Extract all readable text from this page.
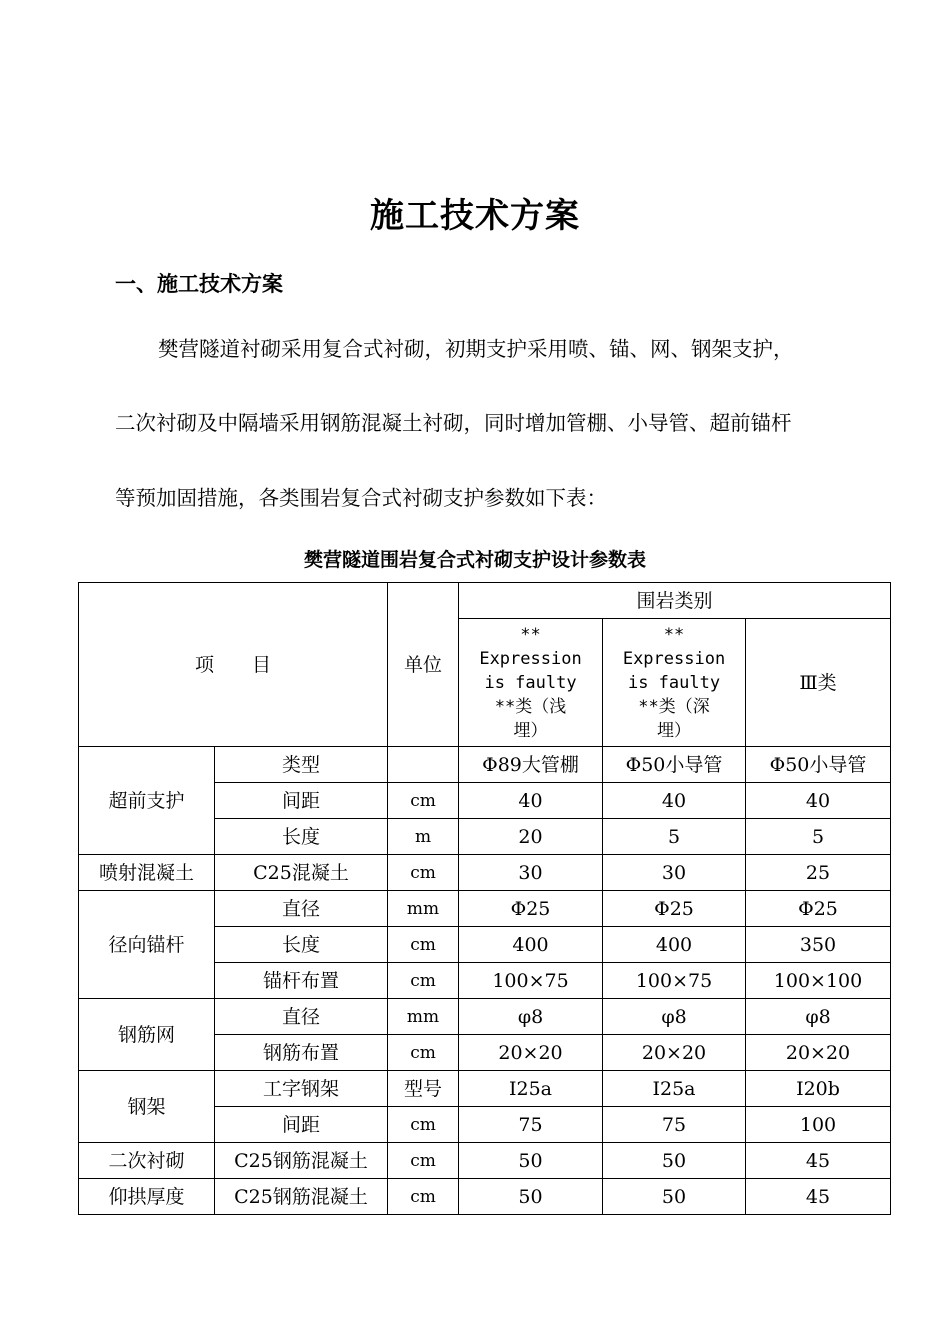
施工技术方案
一、施工技术方案
樊营隧道衬砌采用复合式衬砌，初期支护采用喷、锚、网、钢架支护，
二次衬砌及中隔墙采用钢筋混凝土衬砌，同时增加管棚、小导管、超前锚杆
等预加固措施，各类围岩复合式衬砌支护参数如下表：
樊营隧道围岩复合式衬砌支护设计参数表
项　　目		单位	围岩类别		
			**
Expression
is faulty
**类（浅
埋）	**
Expression
is faulty
**类（深
埋）	Ⅲ类
超前支护	类型		Φ89大管棚	Φ50小导管	Φ50小导管
	间距	cm	40	40	40
	长度	m	20	5	5
喷射混凝土	C25混凝土	cm	30	30	25
径向锚杆	直径	mm	Φ25	Φ25	Φ25
	长度	cm	400	400	350
	锚杆布置	cm	100×75	100×75	100×100
钢筋网	直径	mm	φ8	φ8	φ8
	钢筋布置	cm	20×20	20×20	20×20
钢架	工字钢架	型号	I25a	I25a	I20b
	间距	cm	75	75	100
二次衬砌	C25钢筋混凝土	cm	50	50	45
仰拱厚度	C25钢筋混凝土	cm	50	50	45
